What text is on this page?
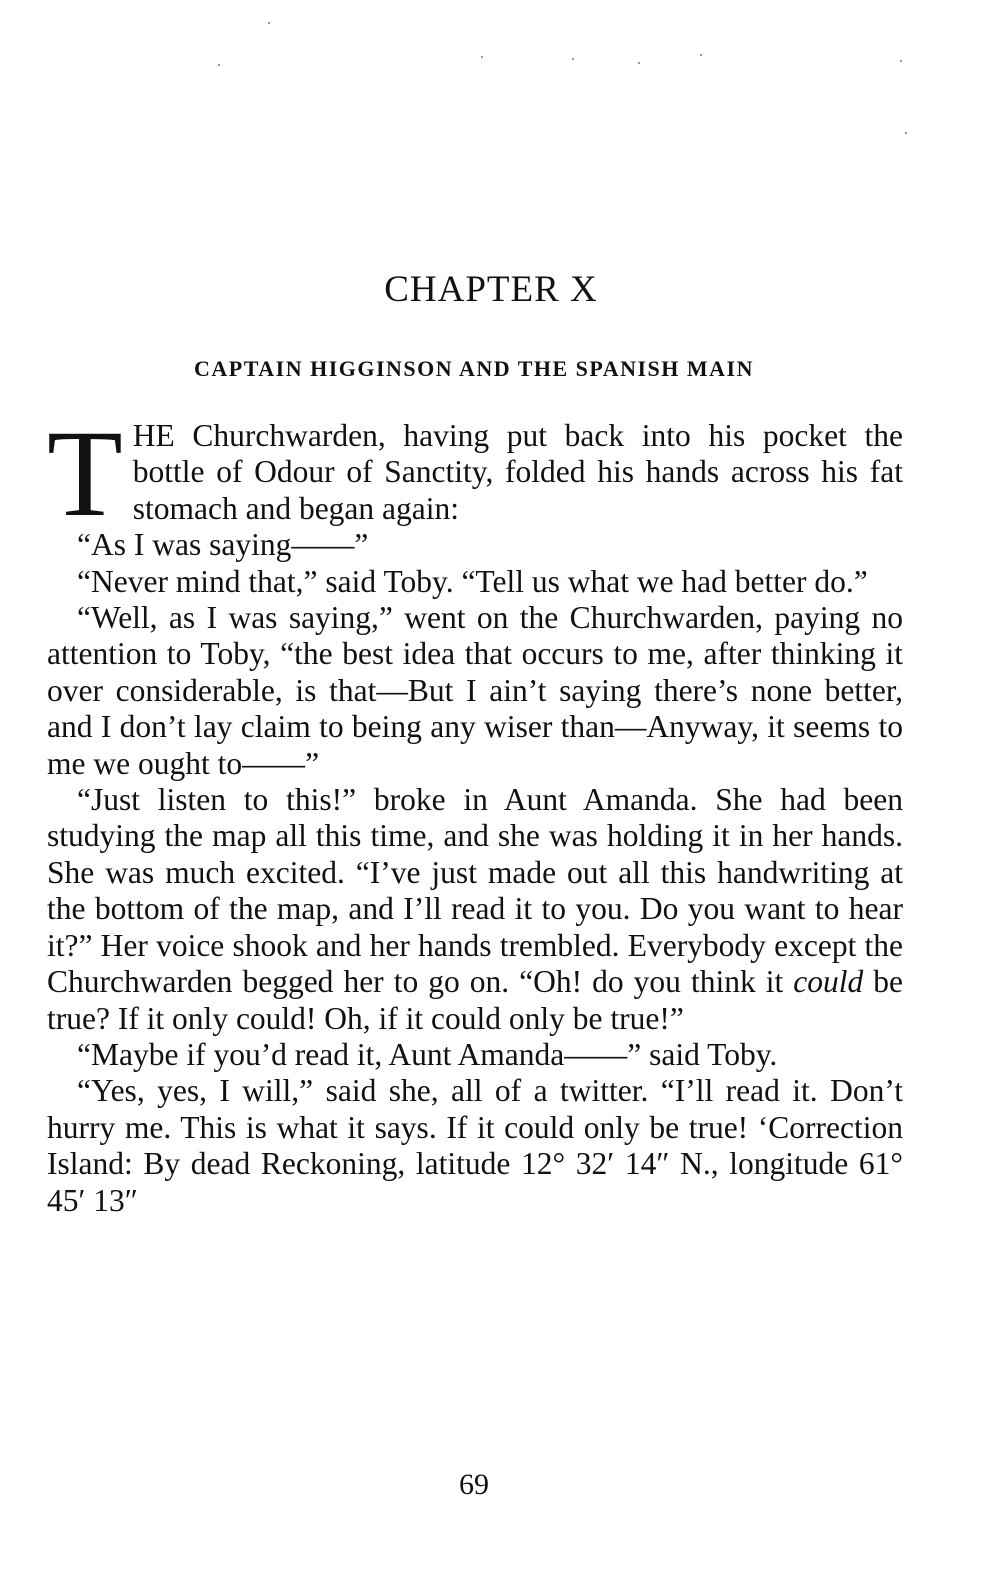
CHAPTER X
CAPTAIN HIGGINSON AND THE SPANISH MAIN

THE Churchwarden, having put back into his pocket the bottle of Odour of Sanctity, folded his hands across his fat stomach and began again:

“As I was saying——”

“Never mind that,” said Toby. “Tell us what we had better do.”

“Well, as I was saying,” went on the Churchwarden, paying no attention to Toby, “the best idea that occurs to me, after thinking it over considerable, is that—But I ain’t saying there’s none better, and I don’t lay claim to being any wiser than—Anyway, it seems to me we ought to——”

“Just listen to this!” broke in Aunt Amanda. She had been studying the map all this time, and she was holding it in her hands. She was much excited. “I’ve just made out all this handwriting at the bottom of the map, and I’ll read it to you. Do you want to hear it?” Her voice shook and her hands trembled. Everybody except the Churchwarden begged her to go on. “Oh! do you think it could be true? If it only could! Oh, if it could only be true!”

“Maybe if you’d read it, Aunt Amanda——” said Toby.

“Yes, yes, I will,” said she, all of a twitter. “I’ll read it. Don’t hurry me. This is what it says. If it could only be true! ‘Correction Island: By dead Reckoning, latitude 12° 32′ 14″ N., longitude 61° 45′ 13″

69
